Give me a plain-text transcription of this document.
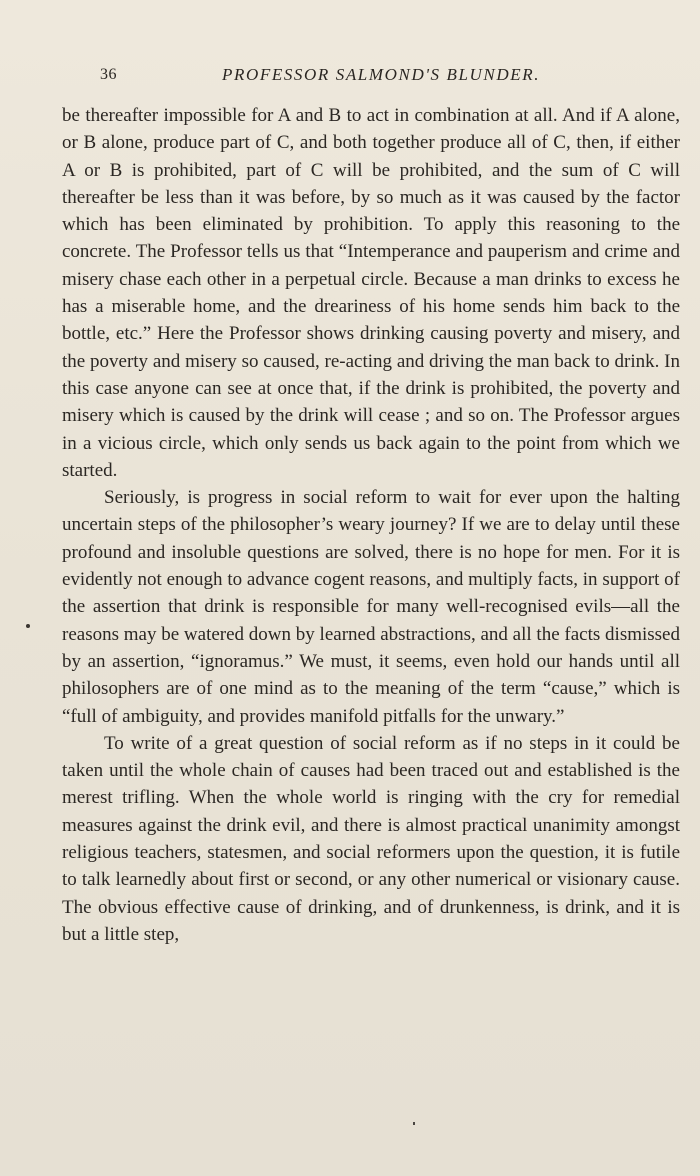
36	PROFESSOR SALMOND'S BLUNDER.

be thereafter impossible for A and B to act in combination at all. And if A alone, or B alone, produce part of C, and both together produce all of C, then, if either A or B is prohibited, part of C will be prohibited, and the sum of C will thereafter be less than it was before, by so much as it was caused by the factor which has been eliminated by prohibition. To apply this reasoning to the concrete. The Professor tells us that “Intemperance and pauperism and crime and misery chase each other in a perpetual circle. Because a man drinks to excess he has a miserable home, and the dreariness of his home sends him back to the bottle, etc.” Here the Professor shows drinking causing poverty and misery, and the poverty and misery so caused, re-acting and driving the man back to drink. In this case anyone can see at once that, if the drink is prohibited, the poverty and misery which is caused by the drink will cease ; and so on. The Professor argues in a vicious circle, which only sends us back again to the point from which we started.

Seriously, is progress in social reform to wait for ever upon the halting uncertain steps of the philosopher’s weary journey? If we are to delay until these profound and insoluble questions are solved, there is no hope for men. For it is evidently not enough to advance cogent reasons, and multiply facts, in support of the assertion that drink is responsible for many well-recognised evils—all the reasons may be watered down by learned abstractions, and all the facts dismissed by an assertion, “ignoramus.” We must, it seems, even hold our hands until all philosophers are of one mind as to the meaning of the term “cause,” which is “full of ambiguity, and provides manifold pitfalls for the unwary.”

To write of a great question of social reform as if no steps in it could be taken until the whole chain of causes had been traced out and established is the merest trifling. When the whole world is ringing with the cry for remedial measures against the drink evil, and there is almost practical unanimity amongst religious teachers, statesmen, and social reformers upon the question, it is futile to talk learnedly about first or second, or any other numerical or visionary cause. The obvious effective cause of drinking, and of drunkenness, is drink, and it is but a little step,
